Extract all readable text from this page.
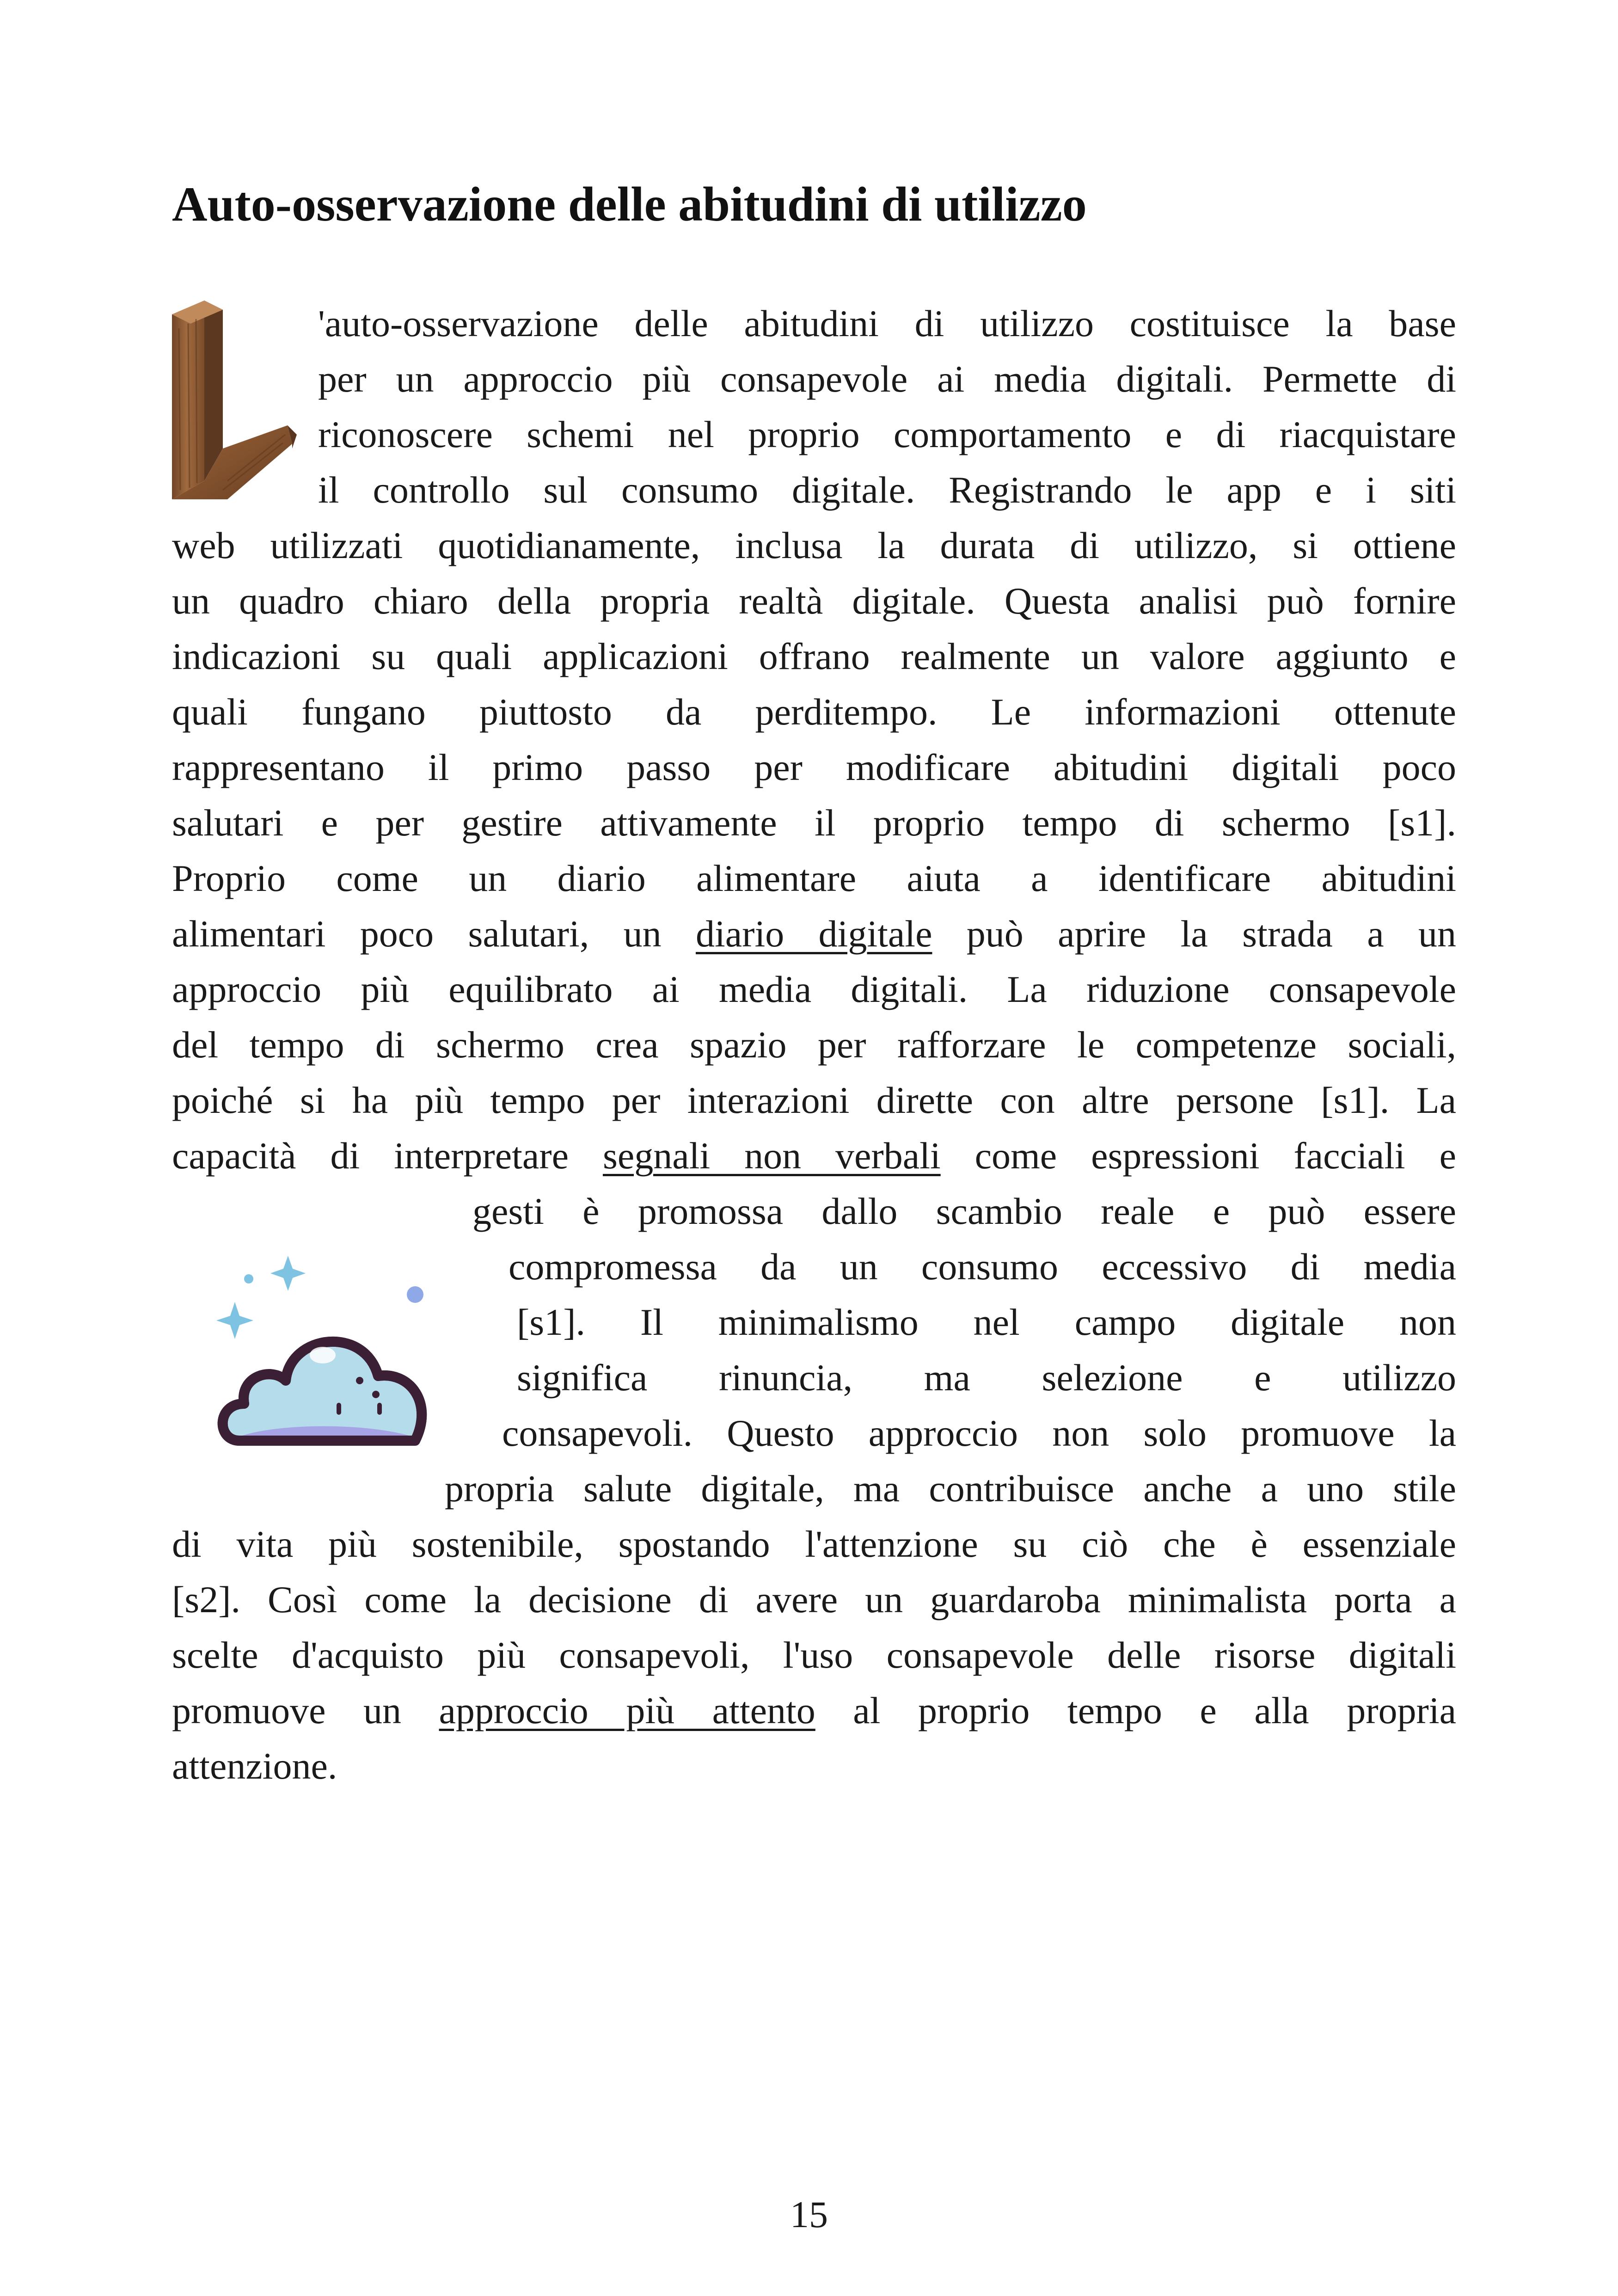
Auto-osservazione delle abitudini di utilizzo
'auto-osservazione delle abitudini di utilizzo costituisce la base
per un approccio più consapevole ai media digitali. Permette di
riconoscere schemi nel proprio comportamento e di riacquistare
il controllo sul consumo digitale. Registrando le app e i siti
web utilizzati quotidianamente, inclusa la durata di utilizzo, si ottiene
un quadro chiaro della propria realtà digitale. Questa analisi può fornire
indicazioni su quali applicazioni offrano realmente un valore aggiunto e
quali fungano piuttosto da perditempo. Le informazioni ottenute
rappresentano il primo passo per modificare abitudini digitali poco
salutari e per gestire attivamente il proprio tempo di schermo [s1].
Proprio come un diario alimentare aiuta a identificare abitudini
alimentari poco salutari, un diario digitale può aprire la strada a un
approccio più equilibrato ai media digitali. La riduzione consapevole
del tempo di schermo crea spazio per rafforzare le competenze sociali,
poiché si ha più tempo per interazioni dirette con altre persone [s1]. La
capacità di interpretare segnali non verbali come espressioni facciali e
gesti è promossa dallo scambio reale e può essere
compromessa da un consumo eccessivo di media
[s1]. Il minimalismo nel campo digitale non
significa rinuncia, ma selezione e utilizzo
consapevoli. Questo approccio non solo promuove la
propria salute digitale, ma contribuisce anche a uno stile
di vita più sostenibile, spostando l'attenzione su ciò che è essenziale
[s2]. Così come la decisione di avere un guardaroba minimalista porta a
scelte d'acquisto più consapevoli, l'uso consapevole delle risorse digitali
promuove un approccio più attento al proprio tempo e alla propria
attenzione.
15
